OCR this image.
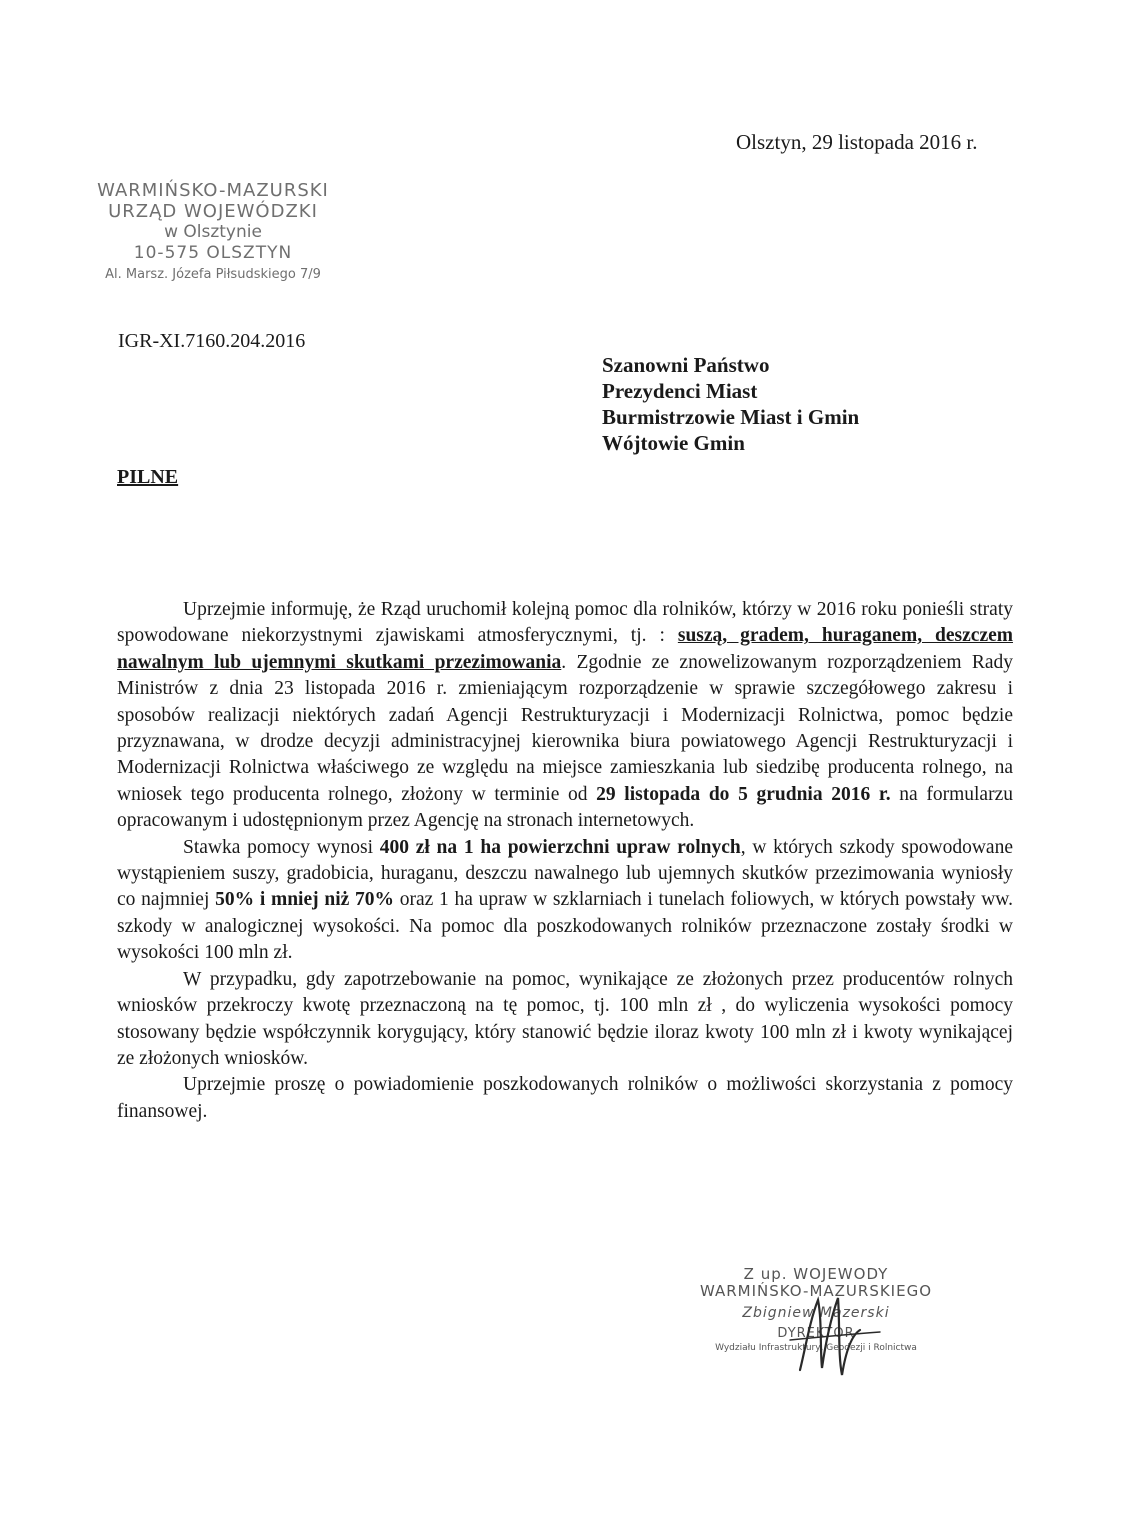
Olsztyn, 29 listopada 2016 r.
WARMIŃSKO-MAZURSKI
URZĄD WOJEWÓDZKI
w Olsztynie
10-575 OLSZTYN
Al. Marsz. Józefa Piłsudskiego 7/9
IGR-XI.7160.204.2016
Szanowni Państwo
Prezydenci Miast
Burmistrzowie Miast i Gmin
Wójtowie Gmin
PILNE

Uprzejmie informuję, że Rząd uruchomił kolejną pomoc dla rolników, którzy w 2016 roku ponieśli straty spowodowane niekorzystnymi zjawiskami atmosferycznymi, tj. : suszą, gradem, huraganem, deszczem nawalnym lub ujemnymi skutkami przezimowania. Zgodnie ze znowelizowanym rozporządzeniem Rady Ministrów z dnia 23 listopada 2016 r. zmieniającym rozporządzenie w sprawie szczegółowego zakresu i sposobów realizacji niektórych zadań Agencji Restrukturyzacji i Modernizacji Rolnictwa, pomoc będzie przyznawana, w drodze decyzji administracyjnej kierownika biura powiatowego Agencji Restrukturyzacji i Modernizacji Rolnictwa właściwego ze względu na miejsce zamieszkania lub siedzibę producenta rolnego, na wniosek tego producenta rolnego, złożony w terminie od 29 listopada do 5 grudnia 2016 r. na formularzu opracowanym i udostępnionym przez Agencję na stronach internetowych.

Stawka pomocy wynosi 400 zł na 1 ha powierzchni upraw rolnych, w których szkody spowodowane wystąpieniem suszy, gradobicia, huraganu, deszczu nawalnego lub ujemnych skutków przezimowania wyniosły co najmniej 50% i mniej niż 70% oraz 1 ha upraw w szklarniach i tunelach foliowych, w których powstały ww. szkody w analogicznej wysokości. Na pomoc dla poszkodowanych rolników przeznaczone zostały środki w wysokości 100 mln zł.

W przypadku, gdy zapotrzebowanie na pomoc, wynikające ze złożonych przez producentów rolnych wniosków przekroczy kwotę przeznaczoną na tę pomoc, tj. 100 mln zł , do wyliczenia wysokości pomocy stosowany będzie współczynnik korygujący, który stanowić będzie iloraz kwoty 100 mln zł i kwoty wynikającej ze złożonych wniosków.

Uprzejmie proszę o powiadomienie poszkodowanych rolników o możliwości skorzystania z pomocy finansowej.

Z up. WOJEWODY
WARMIŃSKO-MAZURSKIEGO
Zbigniew Mazerski
DYREKTOR
Wydziału Infrastruktury, Geodezji i Rolnictwa
